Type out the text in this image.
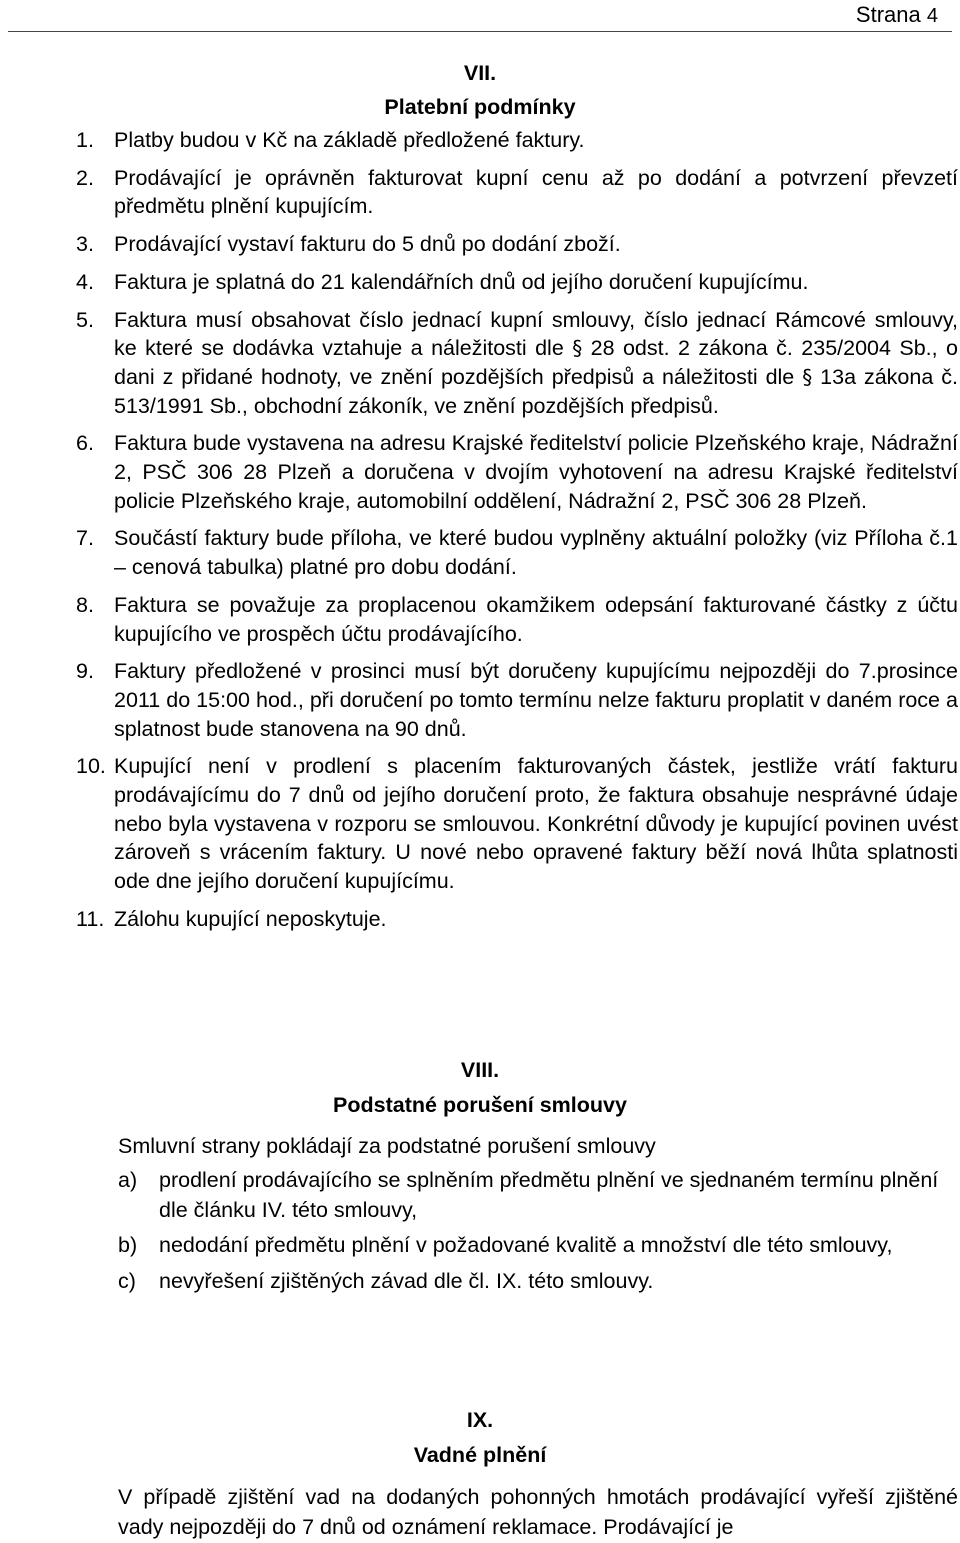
Strana 4
VII.
Platební podmínky
1. Platby budou v Kč na základě předložené faktury.
2. Prodávající je oprávněn fakturovat kupní cenu až po dodání a potvrzení převzetí předmětu plnění kupujícím.
3. Prodávající vystaví fakturu do 5 dnů po dodání zboží.
4. Faktura je splatná do 21 kalendářních dnů od jejího doručení kupujícímu.
5. Faktura musí obsahovat číslo jednací kupní smlouvy, číslo jednací Rámcové smlouvy, ke které se dodávka vztahuje a náležitosti dle § 28 odst. 2 zákona č. 235/2004 Sb., o dani z přidané hodnoty, ve znění pozdějších předpisů a náležitosti dle § 13a zákona č. 513/1991 Sb., obchodní zákoník, ve znění pozdějších předpisů.
6. Faktura bude vystavena na adresu Krajské ředitelství policie Plzeňského kraje, Nádražní 2, PSČ 306 28 Plzeň a doručena v dvojím vyhotovení na adresu Krajské ředitelství policie Plzeňského kraje, automobilní oddělení, Nádražní 2, PSČ 306 28 Plzeň.
7. Součástí faktury bude příloha, ve které budou vyplněny aktuální položky (viz Příloha č.1 – cenová tabulka) platné pro dobu dodání.
8. Faktura se považuje za proplacenou okamžikem odepsání fakturované částky z účtu kupujícího ve prospěch účtu prodávajícího.
9. Faktury předložené v prosinci musí být doručeny kupujícímu nejpozději do 7.prosince 2011 do 15:00 hod., při doručení po tomto termínu nelze fakturu proplatit v daném roce a splatnost bude stanovena na 90 dnů.
10. Kupující není v prodlení s placením fakturovaných částek, jestliže vrátí fakturu prodávajícímu do 7 dnů od jejího doručení proto, že faktura obsahuje nesprávné údaje nebo byla vystavena v rozporu se smlouvou. Konkrétní důvody je kupující povinen uvést zároveň s vrácením faktury. U nové nebo opravené faktury běží nová lhůta splatnosti ode dne jejího doručení kupujícímu.
11. Zálohu kupující neposkytuje.
VIII.
Podstatné porušení smlouvy

Smluvní strany pokládají za podstatné porušení smlouvy

a)	prodlení prodávajícího se splněním předmětu plnění ve sjednaném termínu plnění dle článku IV. této smlouvy,
b)	nedodání předmětu plnění v požadované kvalitě a množství dle této smlouvy,
c)	nevyřešení zjištěných závad dle čl. IX. této smlouvy.
IX.
Vadné plnění

V případě zjištění vad na dodaných pohonných hmotách prodávající vyřeší zjištěné vady nejpozději do 7 dnů od oznámení reklamace. Prodávající je
